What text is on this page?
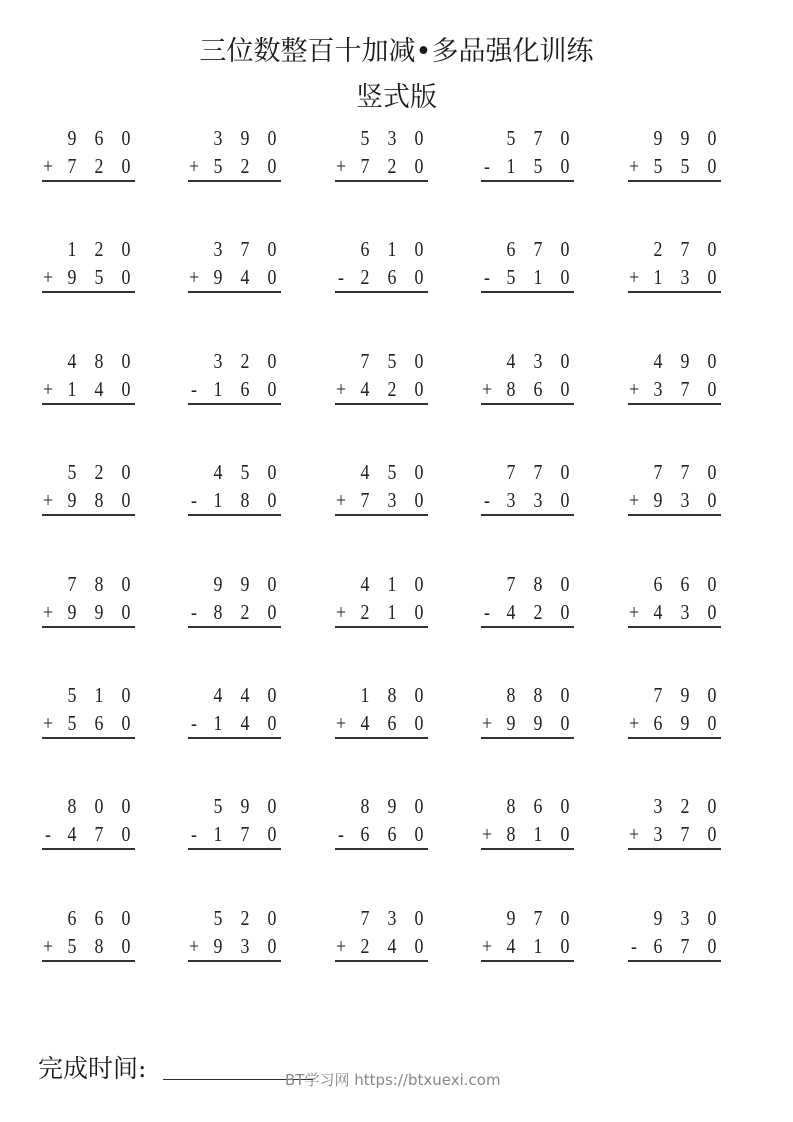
三位数整百十加减•多品强化训练
竖式版
9 6 0
+ 7 2 0
3 9 0
+ 5 2 0
5 3 0
+ 7 2 0
5 7 0
- 1 5 0
9 9 0
+ 5 5 0
1 2 0
+ 9 5 0
3 7 0
+ 9 4 0
6 1 0
- 2 6 0
6 7 0
- 5 1 0
2 7 0
+ 1 3 0
4 8 0
+ 1 4 0
3 2 0
- 1 6 0
7 5 0
+ 4 2 0
4 3 0
+ 8 6 0
4 9 0
+ 3 7 0
5 2 0
+ 9 8 0
4 5 0
- 1 8 0
4 5 0
+ 7 3 0
7 7 0
- 3 3 0
7 7 0
+ 9 3 0
7 8 0
+ 9 9 0
9 9 0
- 8 2 0
4 1 0
+ 2 1 0
7 8 0
- 4 2 0
6 6 0
+ 4 3 0
5 1 0
+ 5 6 0
4 4 0
- 1 4 0
1 8 0
+ 4 6 0
8 8 0
+ 9 9 0
7 9 0
+ 6 9 0
8 0 0
- 4 7 0
5 9 0
- 1 7 0
8 9 0
- 6 6 0
8 6 0
+ 8 1 0
3 2 0
+ 3 7 0
6 6 0
+ 5 8 0
5 2 0
+ 9 3 0
7 3 0
+ 2 4 0
9 7 0
+ 4 1 0
9 3 0
- 6 7 0
完成时间:	BT学习网 https://btxuexi.com
